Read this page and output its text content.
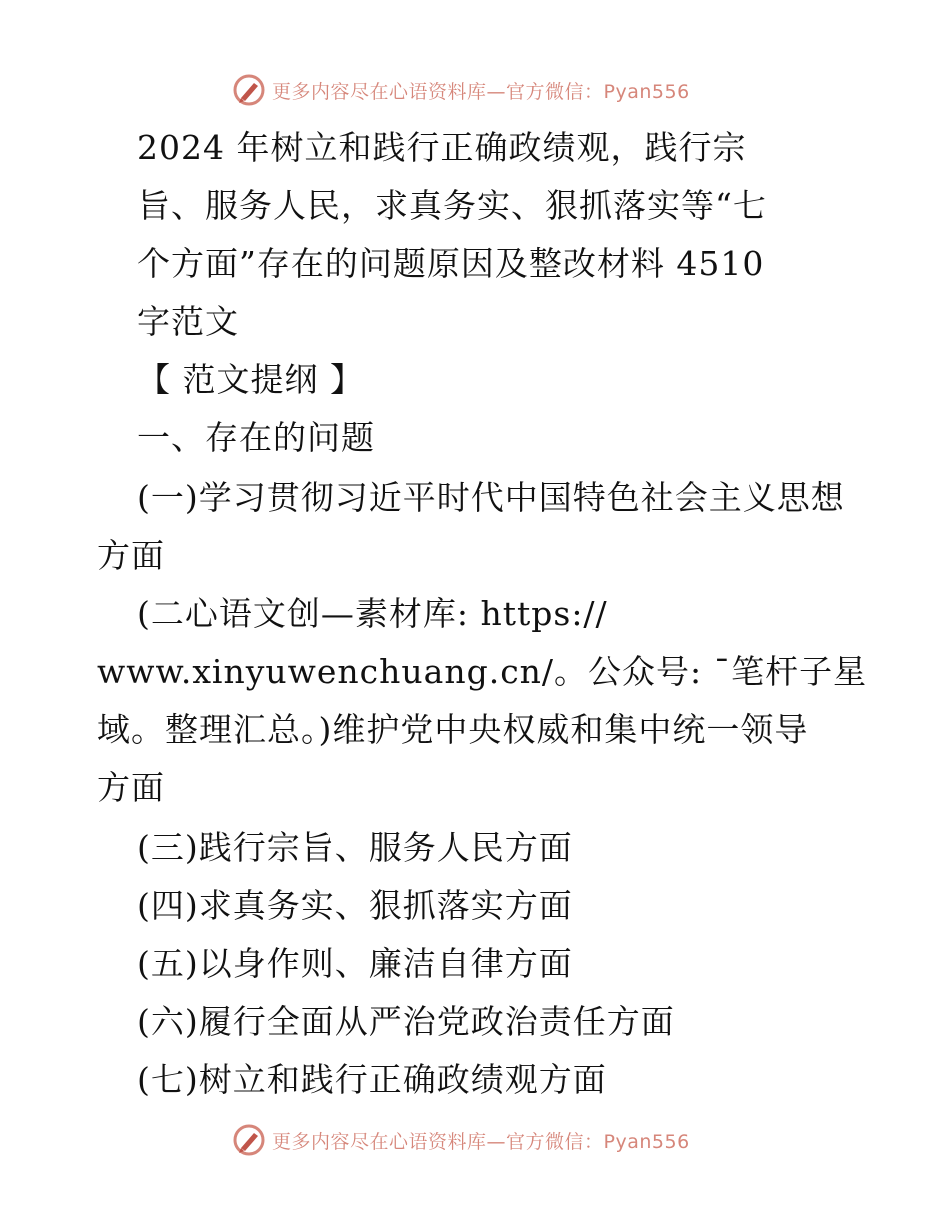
更多内容尽在心语资料库—官方微信：Pyan556
2024 年树立和践行正确政绩观，践行宗
旨、服务人民，求真务实、狠抓落实等“七
个方面”存在的问题原因及整改材料 4510
字范文
【 范文提纲 】
一、存在的问题
(一)学习贯彻习近平时代中国特色社会主义思想
方面
(二心语文创—素材库: https://
www.xinyuwenchuang.cn/。公众号: ¯笔杆子星
域。整理汇总。)维护党中央权威和集中统一领导
方面
(三)践行宗旨、服务人民方面
(四)求真务实、狠抓落实方面
(五)以身作则、廉洁自律方面
(六)履行全面从严治党政治责任方面
(七)树立和践行正确政绩观方面
更多内容尽在心语资料库—官方微信：Pyan556
